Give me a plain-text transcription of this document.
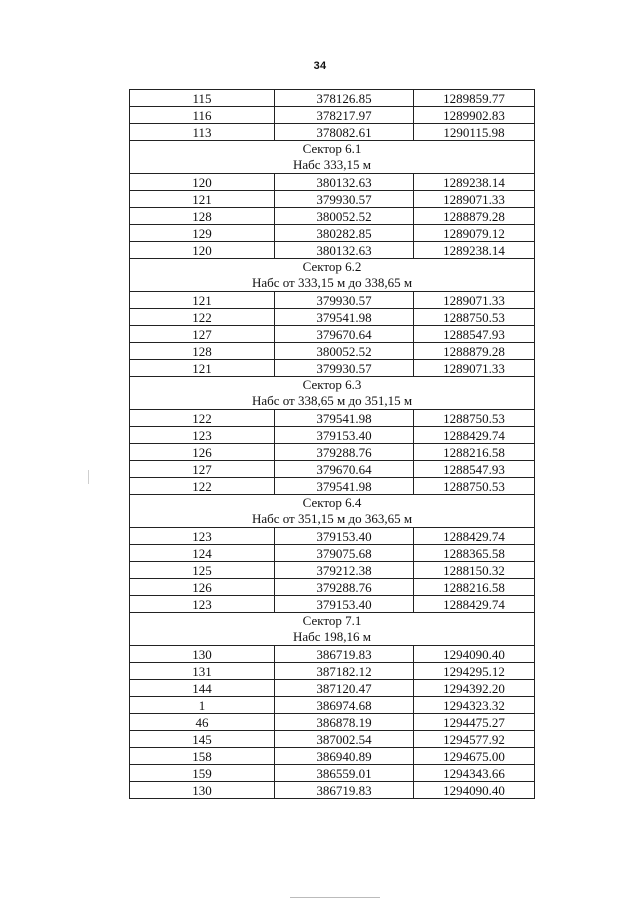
34
115	378126.85	1289859.77
116	378217.97	1289902.83
113	378082.61	1290115.98

Сектор 6.1
Набс 333,15 м		

120	380132.63	1289238.14
121	379930.57	1289071.33
128	380052.52	1288879.28
129	380282.85	1289079.12
120	380132.63	1289238.14

Сектор 6.2
Набс от 333,15 м до 338,65 м		

121	379930.57	1289071.33
122	379541.98	1288750.53
127	379670.64	1288547.93
128	380052.52	1288879.28
121	379930.57	1289071.33

Сектор 6.3
Набс от 338,65 м до 351,15 м		

122	379541.98	1288750.53
123	379153.40	1288429.74
126	379288.76	1288216.58
127	379670.64	1288547.93
122	379541.98	1288750.53

Сектор 6.4
Набс от 351,15 м до 363,65 м		

123	379153.40	1288429.74
124	379075.68	1288365.58
125	379212.38	1288150.32
126	379288.76	1288216.58
123	379153.40	1288429.74

Сектор 7.1
Набс 198,16 м		

130	386719.83	1294090.40
131	387182.12	1294295.12
144	387120.47	1294392.20
1	386974.68	1294323.32
46	386878.19	1294475.27
145	387002.54	1294577.92
158	386940.89	1294675.00
159	386559.01	1294343.66
130	386719.83	1294090.40
